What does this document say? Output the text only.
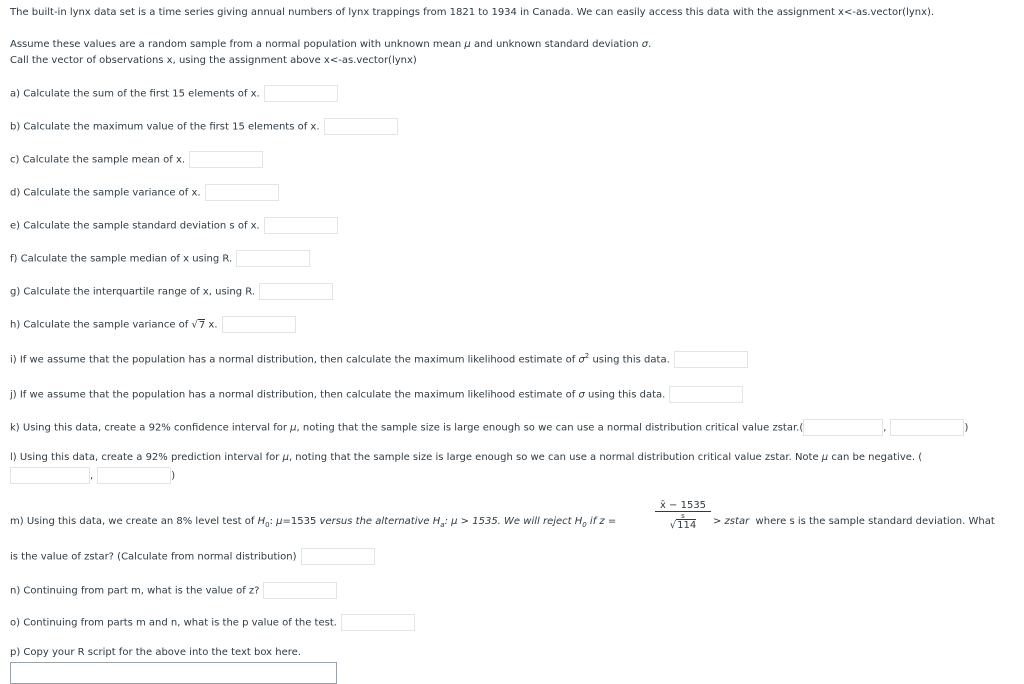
The built-in lynx data set is a time series giving annual numbers of lynx trappings from 1821 to 1934 in Canada. We can easily access this data with the assignment x<-as.vector(lynx).
Assume these values are a random sample from a normal population with unknown mean μ and unknown standard deviation σ.
Call the vector of observations x, using the assignment above x<-as.vector(lynx)
a) Calculate the sum of the first 15 elements of x.
b) Calculate the maximum value of the first 15 elements of x.
c) Calculate the sample mean of x.
d) Calculate the sample variance of x.
e) Calculate the sample standard deviation s of x.
f) Calculate the sample median of x using R.
g) Calculate the interquartile range of x, using R.
h) Calculate the sample variance of √7 x.
i) If we assume that the population has a normal distribution, then calculate the maximum likelihood estimate of $\sigma^2$ using this data.
j) If we assume that the population has a normal distribution, then calculate the maximum likelihood estimate of σ using this data.
k) Using this data, create a 92% confidence interval for μ, noting that the sample size is large enough so we can use a normal distribution critical value zstar.(	,	)
l) Using this data, create a 92% prediction interval for μ, noting that the sample size is large enough so we can use a normal distribution critical value zstar. Note μ can be negative. (
,	)
m) Using this data, we create an 8% level test of $H_0$: μ=1535 versus the alternative $H_a$: μ > 1535. We will reject $H_0$ if z =
x̄ − 1535
s
√114	> zstar where s is the sample standard deviation. What
is the value of zstar? (Calculate from normal distribution)
n) Continuing from part m, what is the value of z?
o) Continuing from parts m and n, what is the p value of the test.
p) Copy your R script for the above into the text box here.
